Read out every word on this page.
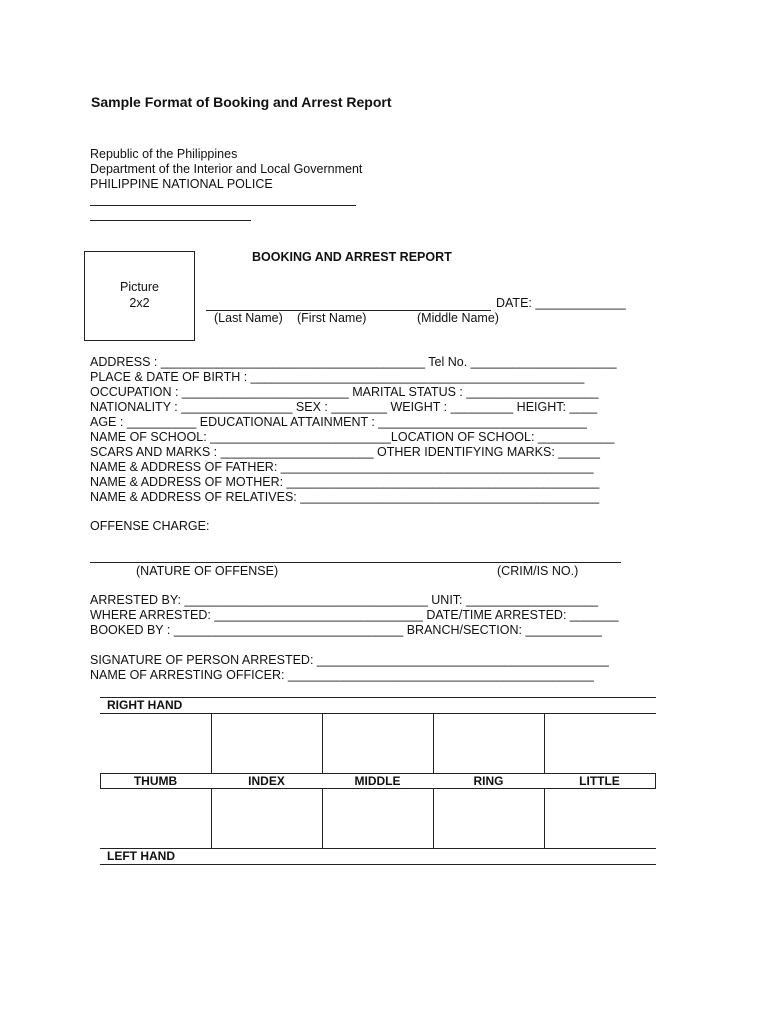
Sample Format of Booking and Arrest Report
Republic of the Philippines
Department of the Interior and Local Government
PHILIPPINE NATIONAL POLICE
Picture
2x2
BOOKING AND ARREST REPORT
DATE: _____________
(Last Name) (First Name)	(Middle Name)
ADDRESS : ______________________________________ Tel No. _____________________
PLACE & DATE OF BIRTH : ________________________________________________
OCCUPATION : ________________________ MARITAL STATUS : ___________________
NATIONALITY : ________________ SEX : ________ WEIGHT : _________ HEIGHT: ____
AGE : __________ EDUCATIONAL ATTAINMENT : ______________________________
NAME OF SCHOOL: __________________________LOCATION OF SCHOOL: ___________
SCARS AND MARKS : ______________________ OTHER IDENTIFYING MARKS: ______
NAME & ADDRESS OF FATHER: _____________________________________________
NAME & ADDRESS OF MOTHER: _____________________________________________
NAME & ADDRESS OF RELATIVES: ___________________________________________
OFFENSE CHARGE:
(NATURE OF OFFENSE)	(CRIM/IS NO.)
ARRESTED BY: ___________________________________ UNIT: ___________________
WHERE ARRESTED: ______________________________ DATE/TIME ARRESTED: _______
BOOKED BY : _________________________________ BRANCH/SECTION: ___________
SIGNATURE OF PERSON ARRESTED: __________________________________________
NAME OF ARRESTING OFFICER: ____________________________________________
RIGHT HAND
THUMB	INDEX	MIDDLE	RING	LITTLE
LEFT HAND
